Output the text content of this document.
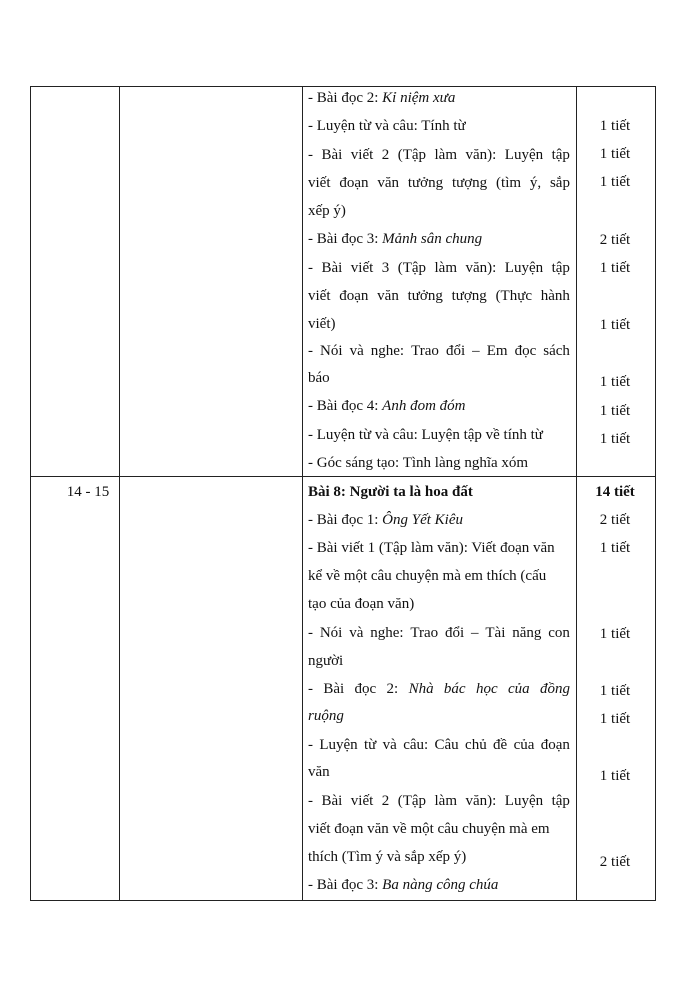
- Bài đọc 2: Kỉ niệm xưa
- Luyện từ và câu: Tính từ
- Bài viết 2 (Tập làm văn): Luyện tập
viết đoạn văn tưởng tượng (tìm ý, sắp
xếp ý)
- Bài đọc 3: Mảnh sân chung
- Bài viết 3 (Tập làm văn): Luyện tập
viết đoạn văn tưởng tượng (Thực hành
viết)
- Nói và nghe: Trao đổi – Em đọc sách
báo
- Bài đọc 4: Anh đom đóm
- Luyện từ và câu: Luyện tập về tính từ
- Góc sáng tạo: Tình làng nghĩa xóm
1 tiết
1 tiết
1 tiết
2 tiết
1 tiết
1 tiết
1 tiết
1 tiết
1 tiết
14 - 15	Bài 8: Người ta là hoa đất	14 tiết
- Bài đọc 1: Ông Yết Kiêu
- Bài viết 1 (Tập làm văn): Viết đoạn văn
kể về một câu chuyện mà em thích (cấu
tạo của đoạn văn)
- Nói và nghe: Trao đổi – Tài năng con
người
- Bài đọc 2: Nhà bác học của đồng
ruộng
- Luyện từ và câu: Câu chủ đề của đoạn
văn
- Bài viết 2 (Tập làm văn): Luyện tập
viết đoạn văn về một câu chuyện mà em
thích (Tìm ý và sắp xếp ý)
- Bài đọc 3: Ba nàng công chúa
2 tiết
1 tiết
1 tiết
1 tiết
1 tiết
1 tiết
2 tiết
